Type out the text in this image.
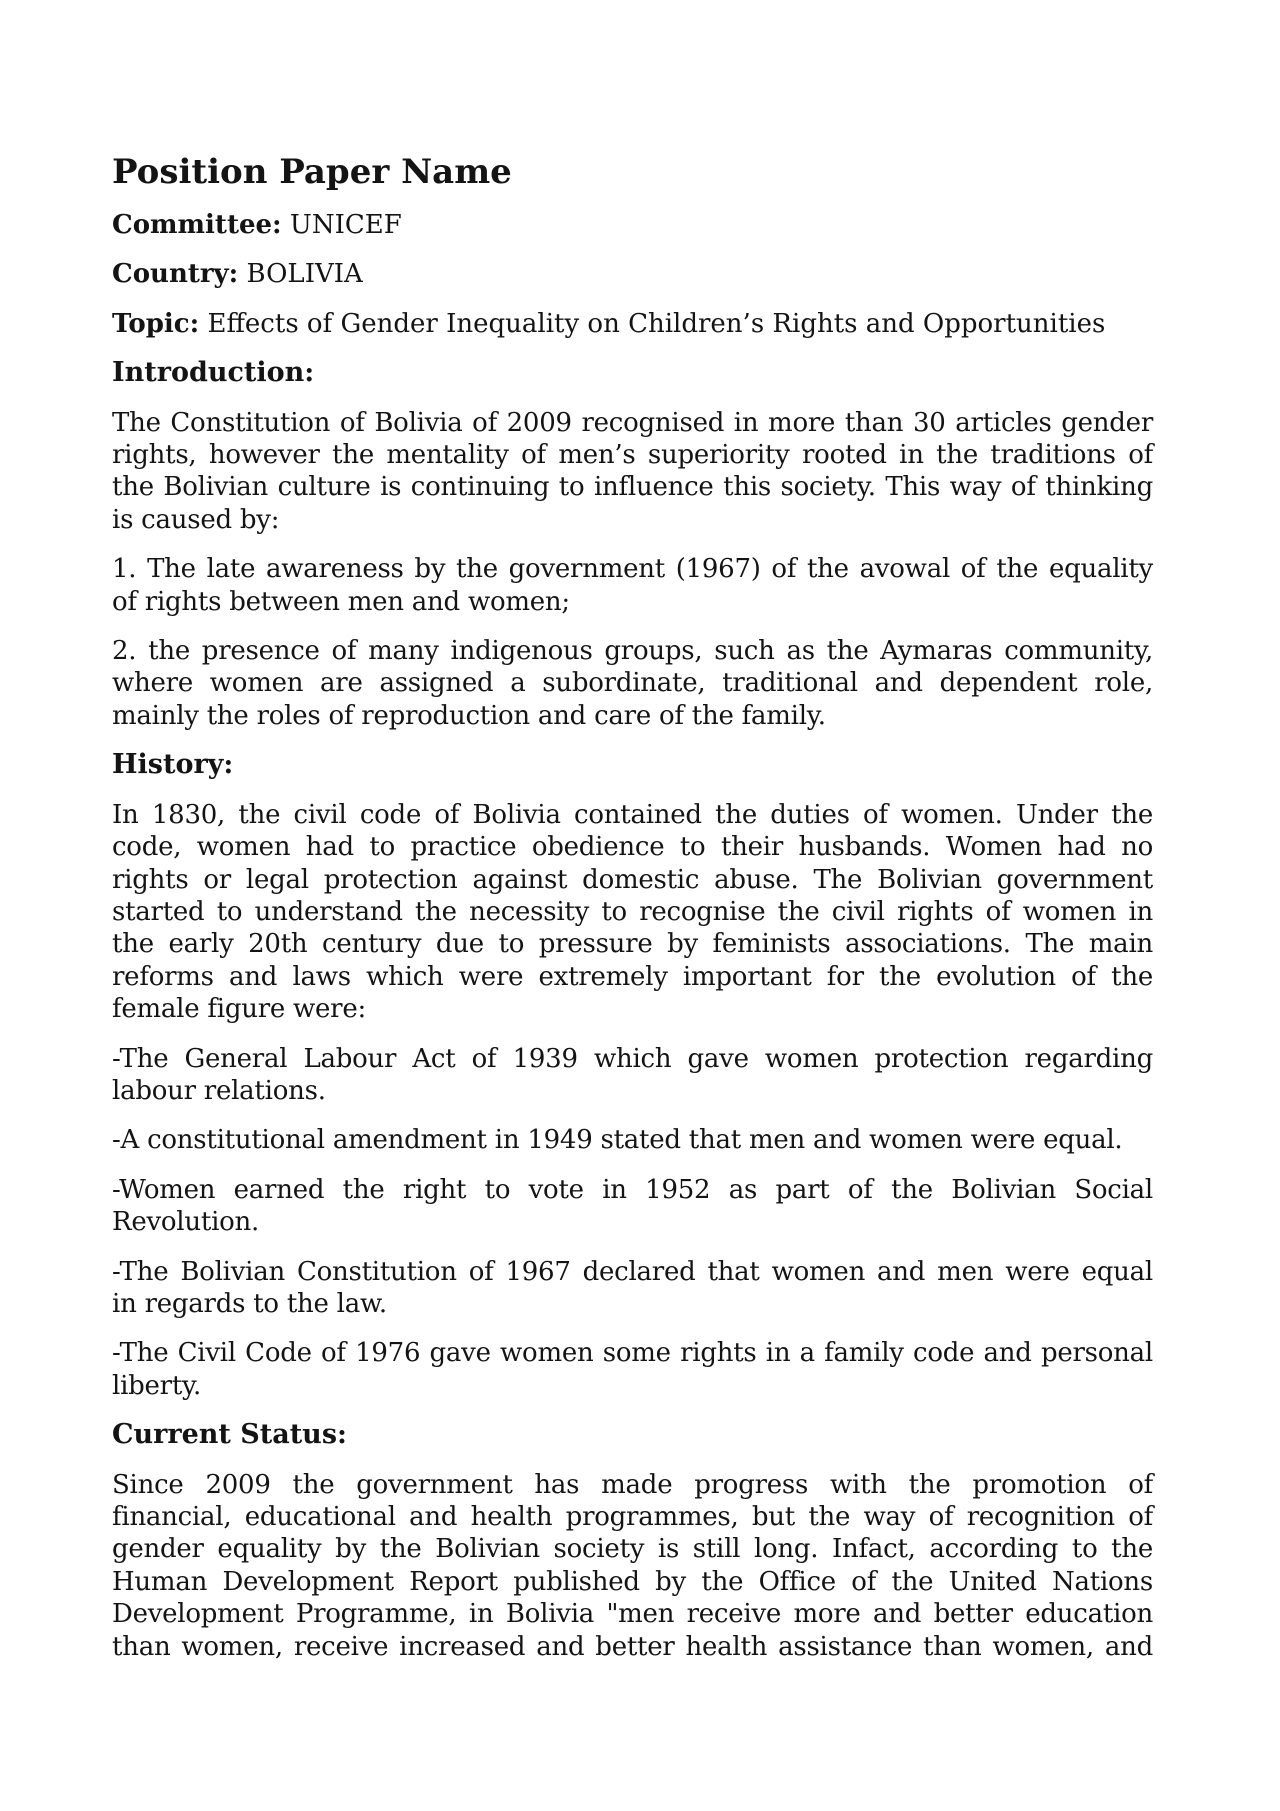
Position Paper Name
Committee: UNICEF
Country: BOLIVIA
Topic: Effects of Gender Inequality on Children’s Rights and Opportunities
Introduction:
The Constitution of Bolivia of 2009 recognised in more than 30 articles gender
rights, however the mentality of men’s superiority rooted in the traditions of
the Bolivian culture is continuing to influence this society. This way of thinking
is caused by:
1. The late awareness by the government (1967) of the avowal of the equality
of rights between men and women;
2. the presence of many indigenous groups, such as the Aymaras community,
where women are assigned a subordinate, traditional and dependent role,
mainly the roles of reproduction and care of the family.
History:
In 1830, the civil code of Bolivia contained the duties of women. Under the
code, women had to practice obedience to their husbands. Women had no
rights or legal protection against domestic abuse. The Bolivian government
started to understand the necessity to recognise the civil rights of women in
the early 20th century due to pressure by feminists associations. The main
reforms and laws which were extremely important for the evolution of the
female figure were:
-The General Labour Act of 1939 which gave women protection regarding
labour relations.
-A constitutional amendment in 1949 stated that men and women were equal.
-Women earned the right to vote in 1952 as part of the Bolivian Social
Revolution.
-The Bolivian Constitution of 1967 declared that women and men were equal
in regards to the law.
-The Civil Code of 1976 gave women some rights in a family code and personal
liberty.
Current Status:
Since 2009 the government has made progress with the promotion of
financial, educational and health programmes, but the way of recognition of
gender equality by the Bolivian society is still long. Infact, according to the
Human Development Report published by the Office of the United Nations
Development Programme, in Bolivia "men receive more and better education
than women, receive increased and better health assistance than women, and
